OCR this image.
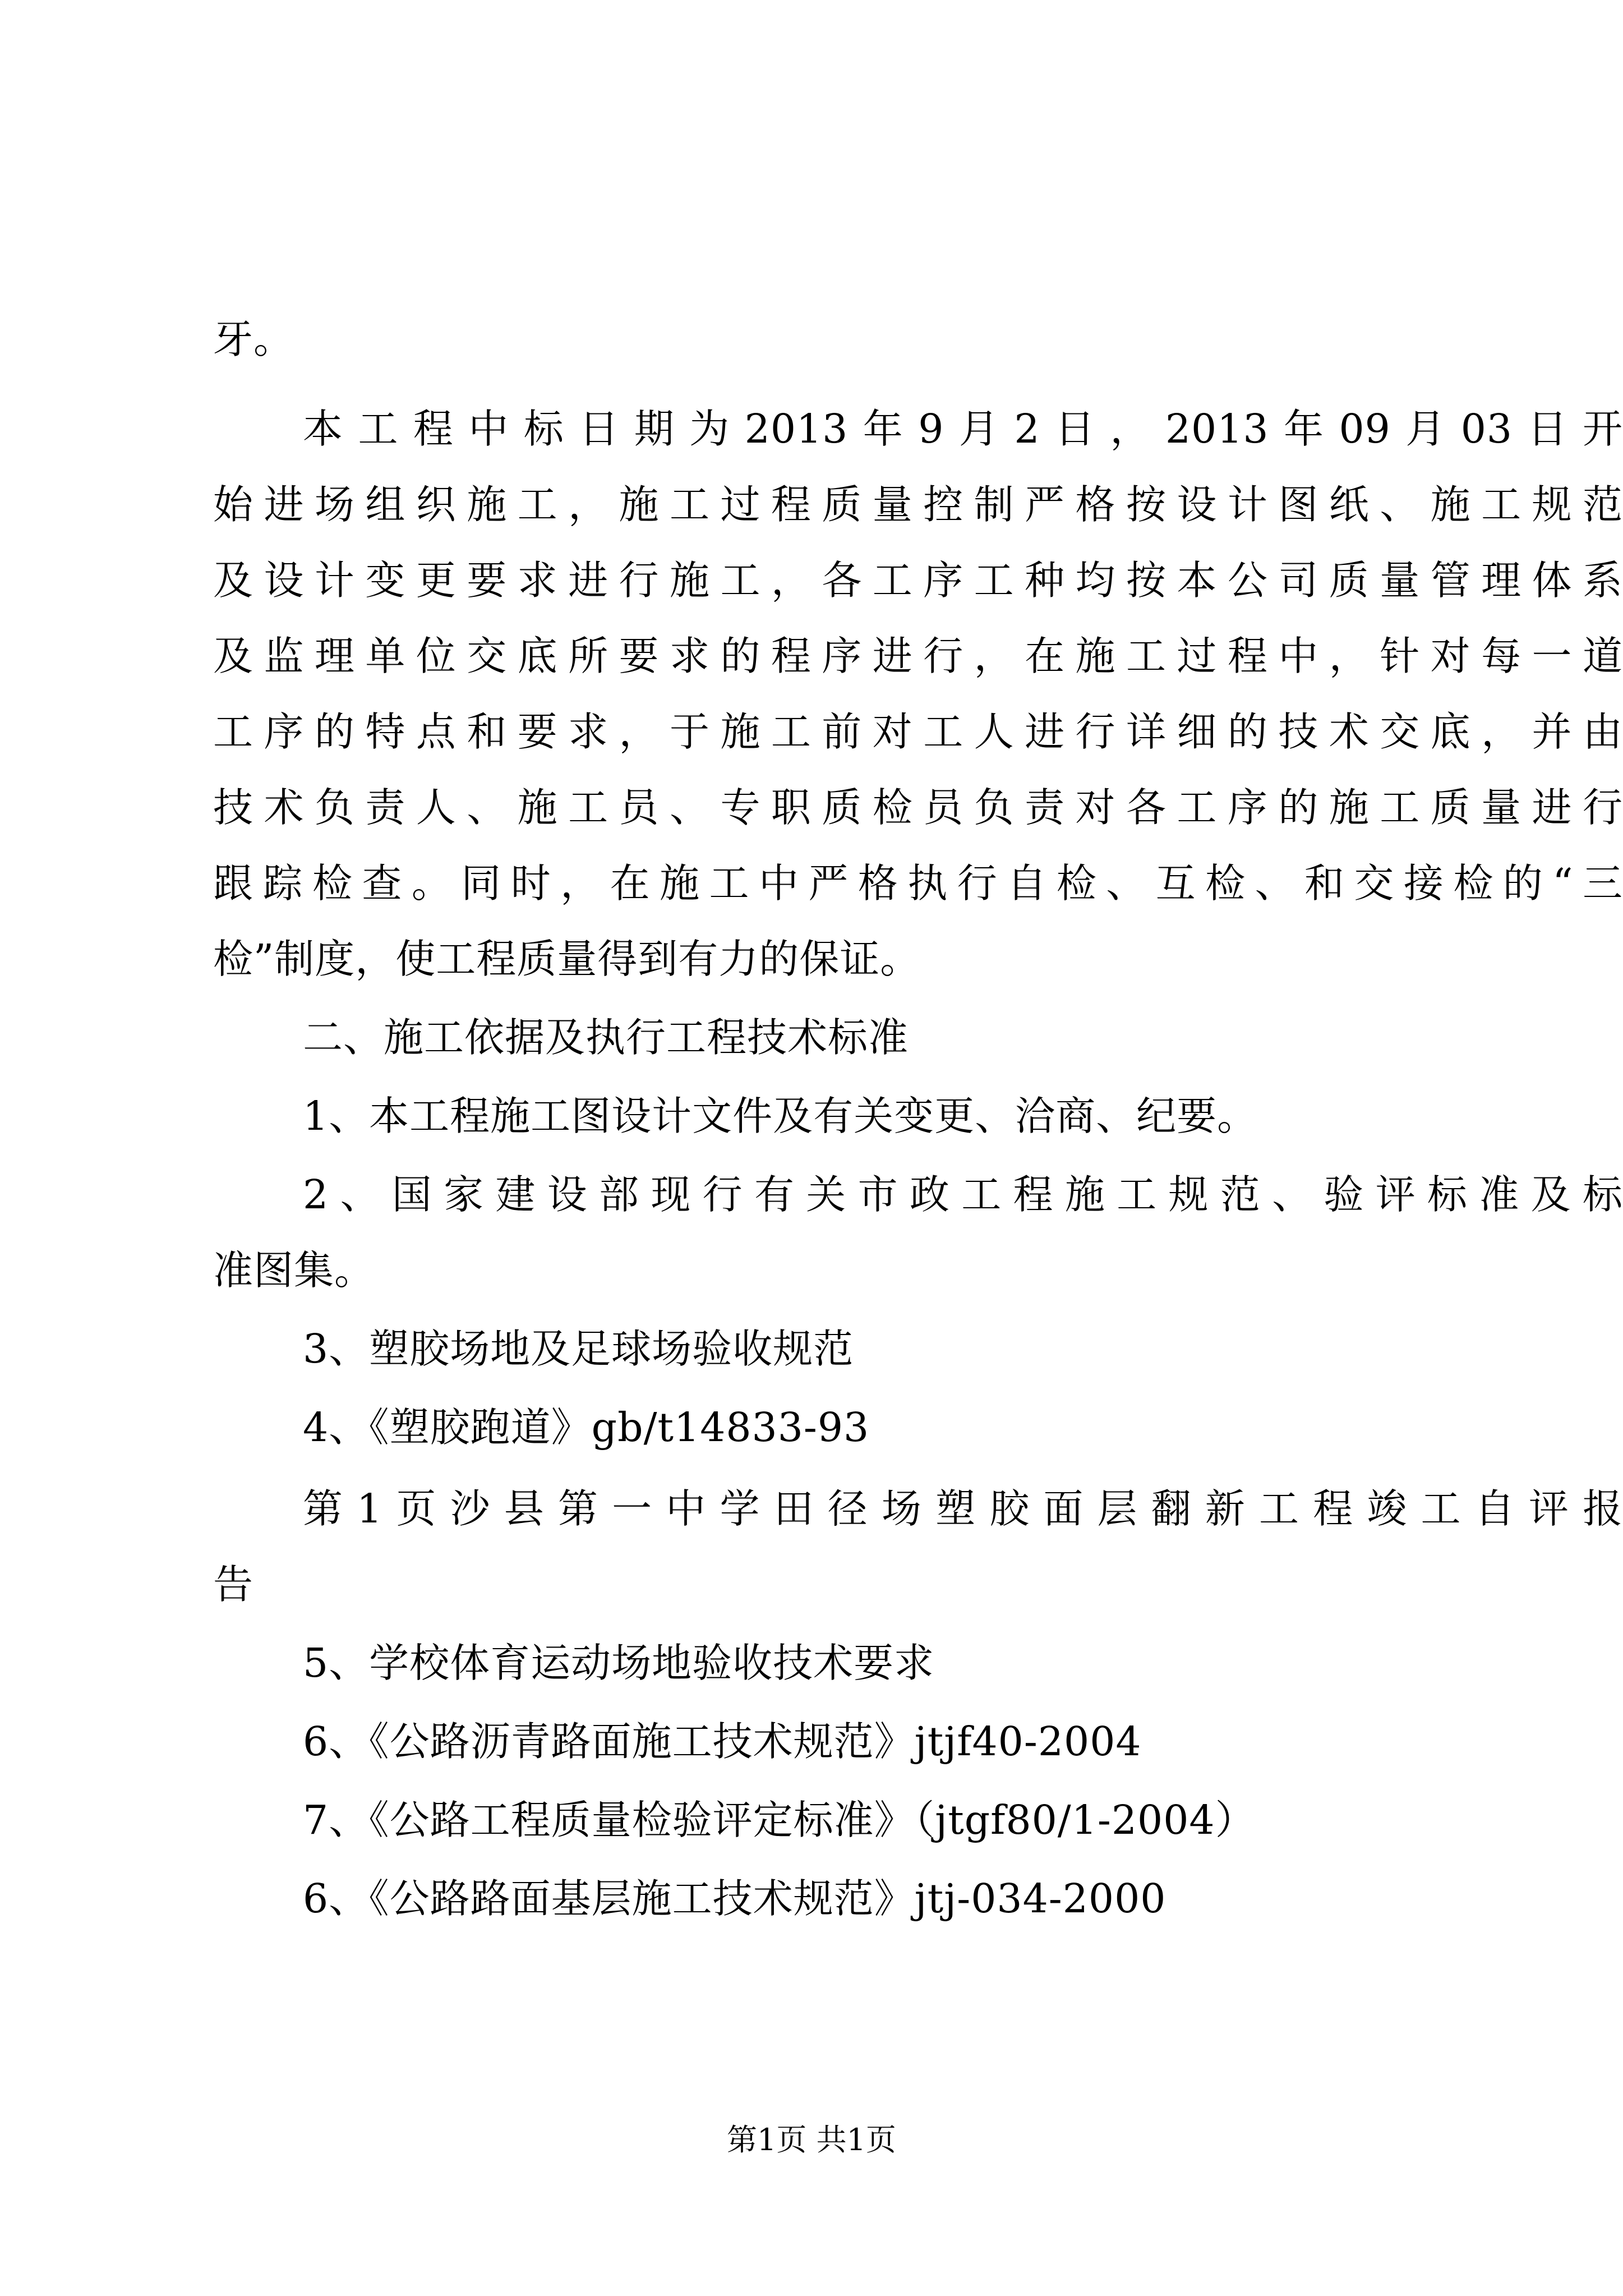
牙。
本工程中标日期为2013年9月2日，2013年09月03日开
始进场组织施工，施工过程质量控制严格按设计图纸、施工规范
及设计变更要求进行施工，各工序工种均按本公司质量管理体系
及监理单位交底所要求的程序进行，在施工过程中，针对每一道
工序的特点和要求，于施工前对工人进行详细的技术交底，并由
技术负责人、施工员、专职质检员负责对各工序的施工质量进行
跟踪检查。同时，在施工中严格执行自检、互检、和交接检的“三
检”制度，使工程质量得到有力的保证。
二、施工依据及执行工程技术标准
1、本工程施工图设计文件及有关变更、洽商、纪要。
2、国家建设部现行有关市政工程施工规范、验评标准及标
准图集。
3、塑胶场地及足球场验收规范
4、《塑胶跑道》gb/t14833-93
第1页沙县第一中学田径场塑胶面层翻新工程竣工自评报
告
5、学校体育运动场地验收技术要求
6、《公路沥青路面施工技术规范》jtjf40-2004
7、《公路工程质量检验评定标准》（jtgf80/1-2004）
6、《公路路面基层施工技术规范》jtj-034-2000
第1页 共1页
